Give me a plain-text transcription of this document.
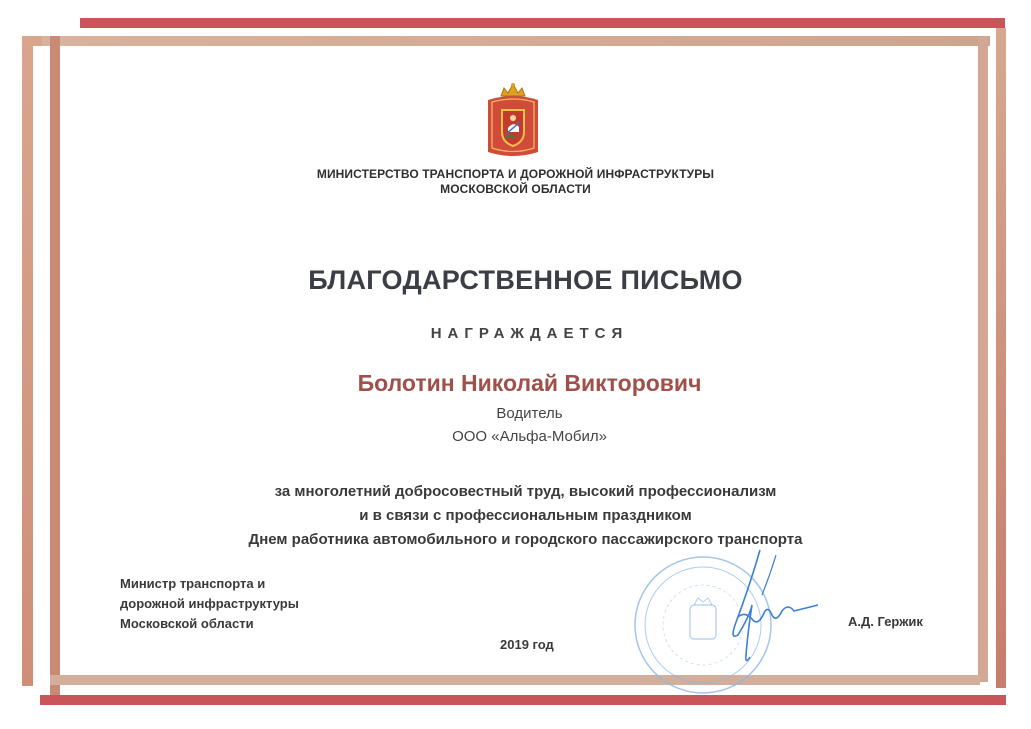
МИНИСТЕРСТВО ТРАНСПОРТА И ДОРОЖНОЙ ИНФРАСТРУКТУРЫ
МОСКОВСКОЙ ОБЛАСТИ
БЛАГОДАРСТВЕННОЕ ПИСЬМО
НАГРАЖДАЕТСЯ
Болотин Николай Викторович
Водитель
ООО «Альфа-Мобил»
за многолетний добросовестный труд, высокий профессионализм
и в связи с профессиональным праздником
Днем работника автомобильного и городского пассажирского транспорта
Министр транспорта и
дорожной инфраструктуры
Московской области
2019 год
А.Д. Гержик
